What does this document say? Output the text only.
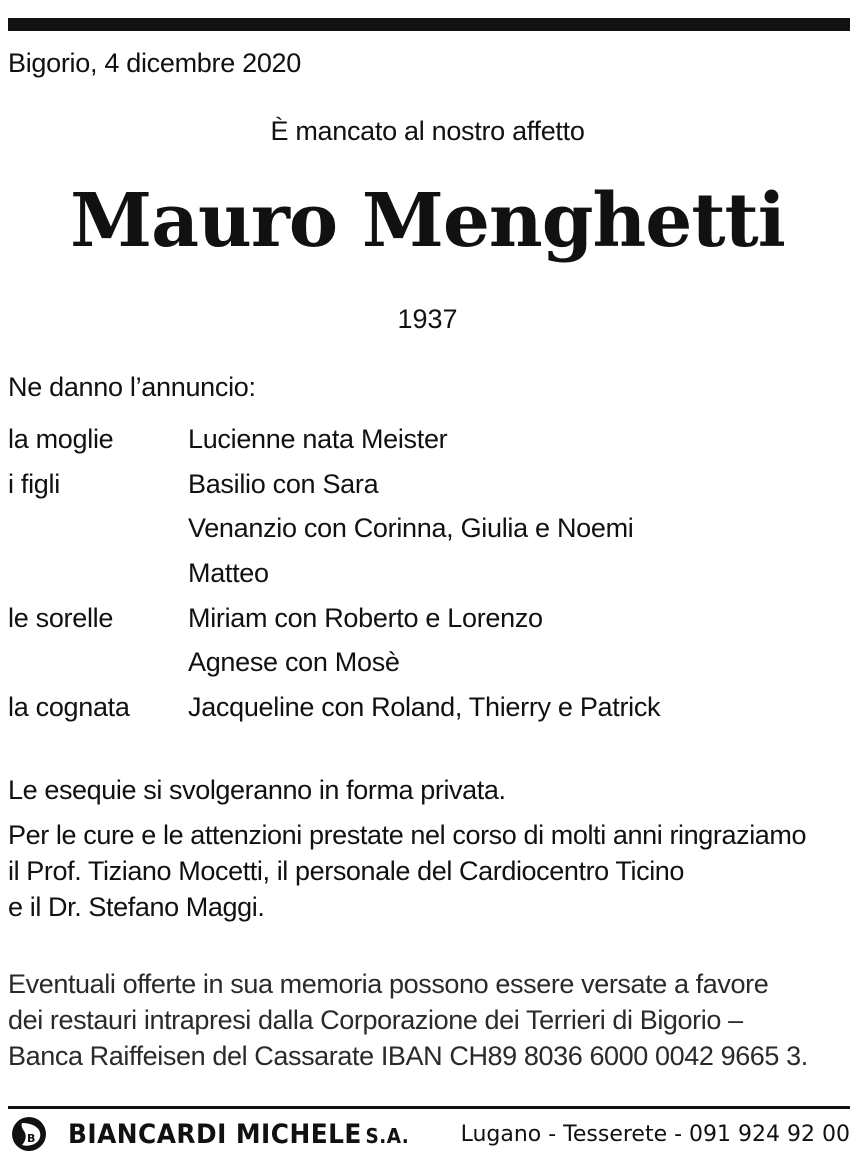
Bigorio, 4 dicembre 2020
È mancato al nostro affetto
Mauro Menghetti
1937
Ne danno l’annuncio:
la moglie	Lucienne nata Meister
i figli	Basilio con Sara
Venanzio con Corinna, Giulia e Noemi
Matteo
le sorelle	Miriam con Roberto e Lorenzo
Agnese con Mosè
la cognata	Jacqueline con Roland, Thierry e Patrick
Le esequie si svolgeranno in forma privata.
Per le cure e le attenzioni prestate nel corso di molti anni ringraziamo
il Prof. Tiziano Mocetti, il personale del Cardiocentro Ticino
e il Dr. Stefano Maggi.
Eventuali offerte in sua memoria possono essere versate a favore
dei restauri intrapresi dalla Corporazione dei Terrieri di Bigorio –
Banca Raiffeisen del Cassarate IBAN CH89 8036 6000 0042 9665 3.
B BIANCARDI MICHELE S.A. Lugano - Tesserete - 091 924 92 00
